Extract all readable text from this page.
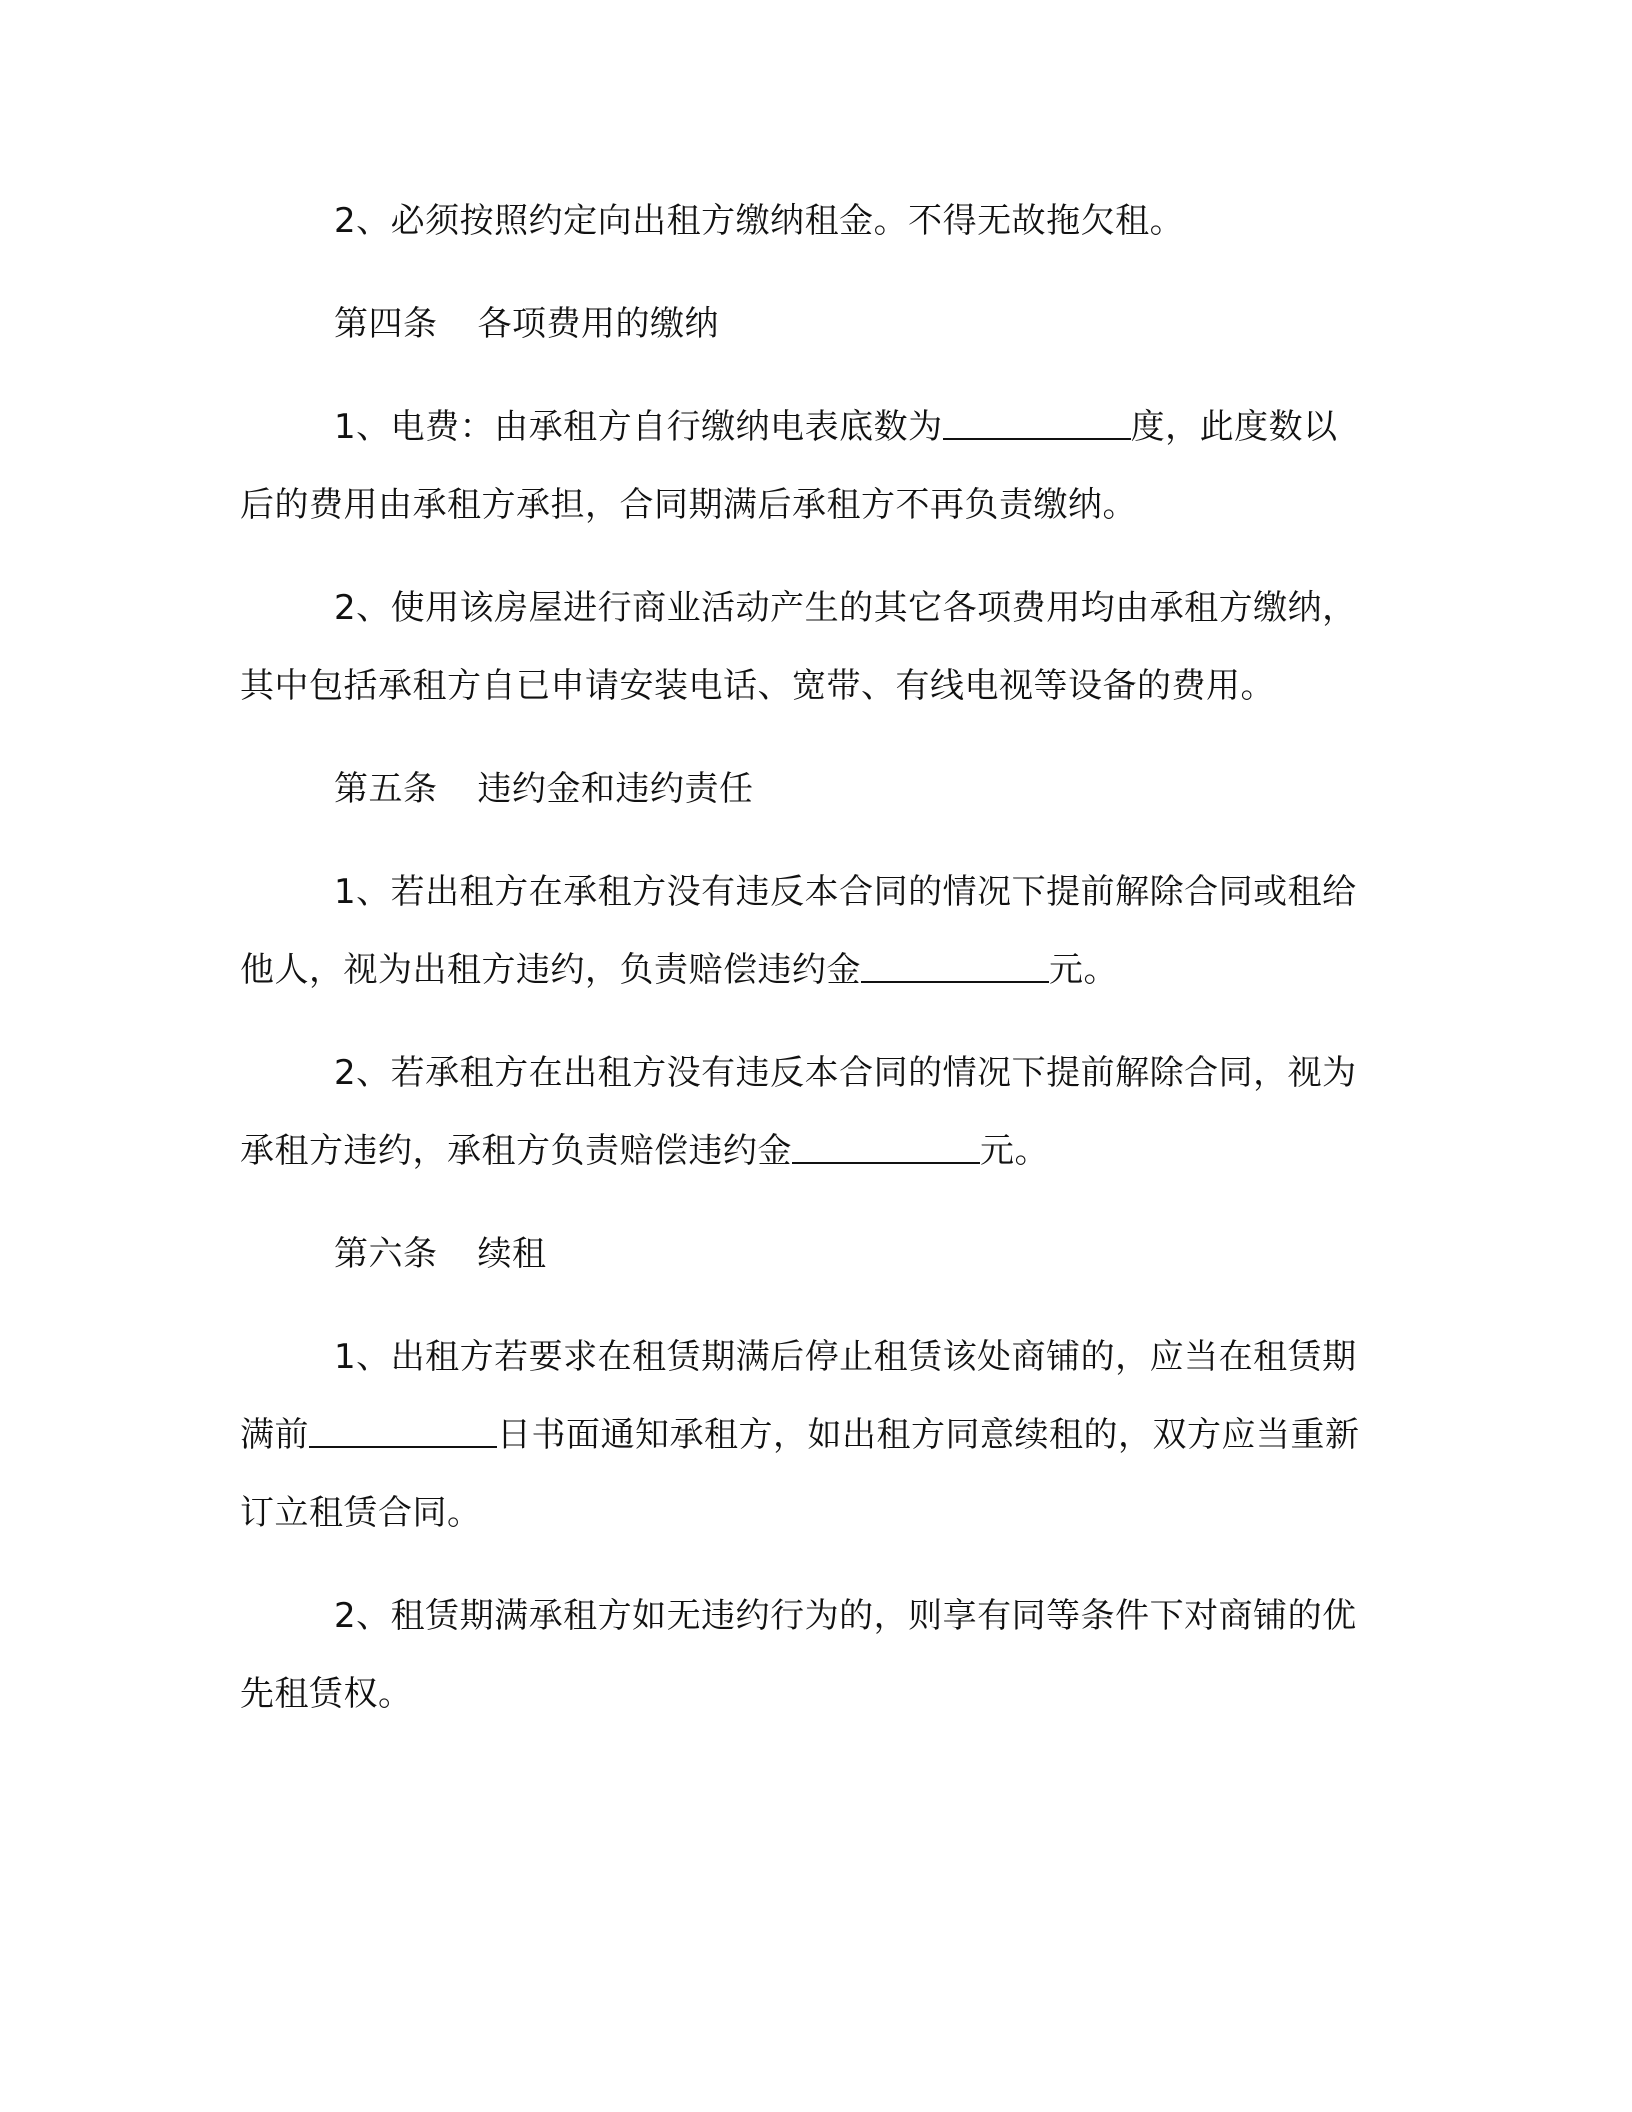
2、必须按照约定向出租方缴纳租金。不得无故拖欠租。

第四条 各项费用的缴纳

1、电费：由承租方自行缴纳电表底数为	度，此度数以后的费用由承租方承担，合同期满后承租方不再负责缴纳。

2、使用该房屋进行商业活动产生的其它各项费用均由承租方缴纳，其中包括承租方自已申请安装电话、宽带、有线电视等设备的费用。

第五条 违约金和违约责任

1、若出租方在承租方没有违反本合同的情况下提前解除合同或租给他人，视为出租方违约，负责赔偿违约金	元。

2、若承租方在出租方没有违反本合同的情况下提前解除合同，视为承租方违约，承租方负责赔偿违约金	元。

第六条 续租

1、出租方若要求在租赁期满后停止租赁该处商铺的，应当在租赁期满前	日书面通知承租方，如出租方同意续租的，双方应当重新订立租赁合同。

2、租赁期满承租方如无违约行为的，则享有同等条件下对商铺的优先租赁权。
